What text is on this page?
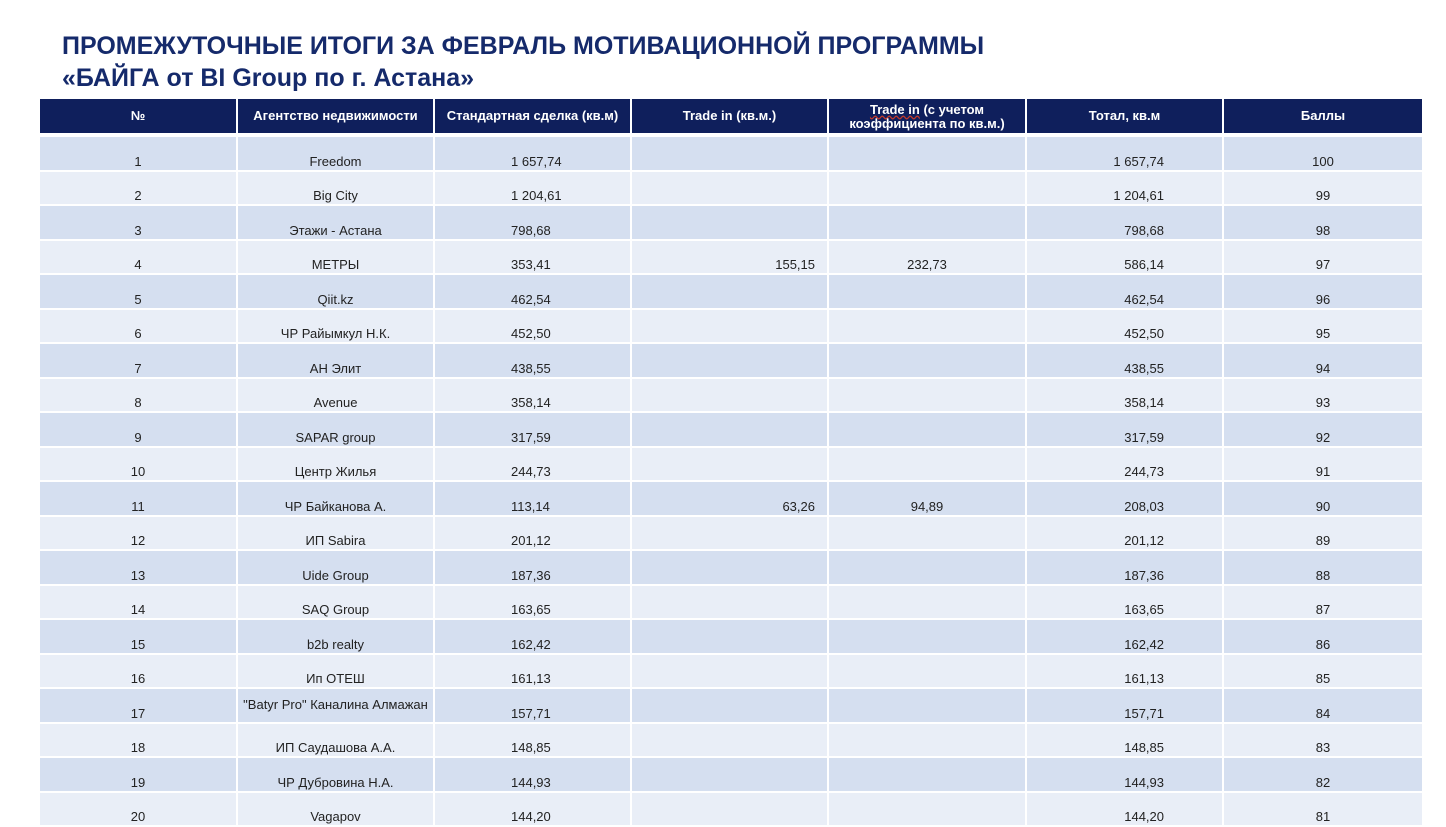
ПРОМЕЖУТОЧНЫЕ ИТОГИ ЗА ФЕВРАЛЬ МОТИВАЦИОННОЙ ПРОГРАММЫ
«БАЙГА от BI Group по г. Астана»
№	Агентство недвижимости	Стандартная сделка (кв.м)	Trade in (кв.м.)	Trade in (с учетом
коэффициента по кв.м.)	Тотал, кв.м	Баллы

1	Freedom	1 657,74			1 657,74	100
2	Big City	1 204,61			1 204,61	99
3	Этажи - Астана	798,68			798,68	98
4	МЕТРЫ	353,41	155,15	232,73	586,14	97
5	Qiit.kz	462,54			462,54	96
6	ЧР Райымкул Н.К.	452,50			452,50	95
7	АН Элит	438,55			438,55	94
8	Avenue	358,14			358,14	93
9	SAPAR group	317,59			317,59	92
10	Центр Жилья	244,73			244,73	91
11	ЧР Байканова А.	113,14	63,26	94,89	208,03	90
12	ИП Sabira	201,12			201,12	89
13	Uide Group	187,36			187,36	88
14	SAQ Group	163,65			163,65	87
15	b2b realty	162,42			162,42	86
16	Ип ОТЕШ	161,13			161,13	85
17	"Batyr Pro" Каналина Алмажан	157,71			157,71	84
18	ИП Саудашова А.А.	148,85			148,85	83
19	ЧР Дубровина Н.А.	144,93			144,93	82
20	Vagapov	144,20			144,20	81
